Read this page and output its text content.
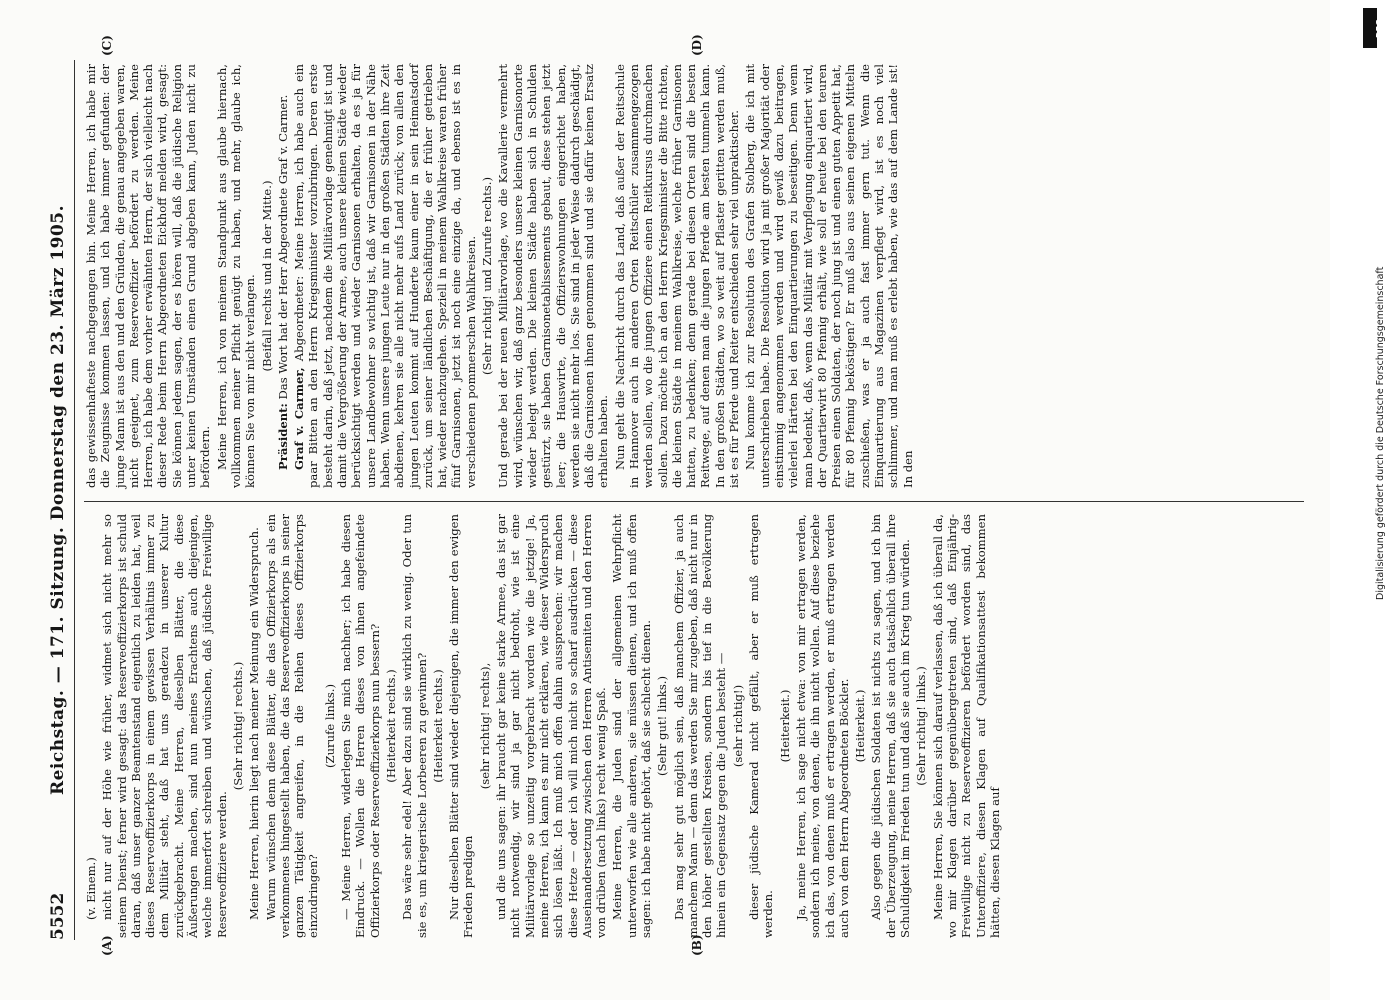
5552
Reichstag. — 171. Sitzung. Donnerstag den 23. März 1905.
(A)	(B)
(C)	(D)

(v. Einem.) nicht nur auf der Höhe wie früher, widmet sich nicht mehr so seinem Dienst; ferner wird gesagt: das Reserveoffizierkorps ist schuld daran, daß unser ganzer Beamtenstand eigentlich zu leiden hat, weil dieses Reserveoffizierkorps in einem gewissen Verhältnis immer zu dem Militär steht, daß hat uns geradezu in unserer Kultur zurückgebracht. Meine Herren, dieselben Blätter, die diese Äußerungen machen, sind nun meines Erachtens auch diejenigen, welche immerfort schreiben und wünschen, daß jüdische Freiwillige Reserveoffiziere werden.

(Sehr richtig! rechts.) Meine Herren, hierin liegt nach meiner Meinung ein Widerspruch. Warum wünschen denn diese Blätter, die das Offizierkorps als ein verkommenes hingestellt haben, die das Reserveoffizierkorps in seiner ganzen Tätigkeit angreifen, in die Reihen dieses Offizierkorps einzudringen?

(Zurufe links.) — Meine Herren, widerlegen Sie mich nachher; ich habe diesen Eindruck. — Wollen die Herren dieses von ihnen angefeindete Offizierkorps oder Reserveoffizierkorps nun bessern? (Heiterkeit rechts.) Das wäre sehr edel! Aber dazu sind sie wirklich zu wenig. Oder tun sie es, um kriegerische Lorbeeren zu gewinnen? (Heiterkeit rechts.) Nur dieselben Blätter sind wieder diejenigen, die immer den ewigen Frieden predigen

(sehr richtig! rechts), und die uns sagen: ihr braucht gar keine starke Armee, das ist gar nicht notwendig, wir sind ja gar nicht bedroht, wie ist eine Militärvorlage so unzeitig vorgebracht worden wie die jetzige! Ja, meine Herren, ich kann es mir nicht erklären, wie dieser Widerspruch sich lösen läßt. Ich muß mich offen dahin aussprechen: wir machen diese Hetze — oder ich will mich nicht so scharf ausdrücken — diese Auseinandersetzung zwischen den Herren Antisemiten und den Herren von drüben (nach links) recht wenig Spaß. Meine Herren, die Juden sind der allgemeinen Wehrpflicht unterworfen wie alle anderen, sie müssen dienen, und ich muß offen sagen: ich habe nicht gehört, daß sie schlecht dienen. (Sehr gut! links.) Das mag sehr gut möglich sein, daß manchem Offizier, ja auch manchem Mann — denn das werden Sie mir zugeben, daß nicht nur in den höher gestellten Kreisen, sondern bis tief in die Bevölkerung hinein ein Gegensatz gegen die Juden besteht — (sehr richtig!) dieser jüdische Kamerad nicht gefällt, aber er muß ertragen werden.

(Heiterkeit.) Ja, meine Herren, ich sage nicht etwa: von mir ertragen werden, sondern ich meine, von denen, die ihn nicht wollen. Auf diese beziehe ich das, von denen muß er ertragen werden, er muß ertragen werden auch von dem Herrn Abgeordneten Böckler. (Heiterkeit.) Also gegen die jüdischen Soldaten ist nichts zu sagen, und ich bin der Überzeugung, meine Herren, daß sie auch tatsächlich überall ihre Schuldigkeit im Frieden tun und daß sie auch im Krieg tun würden. (Sehr richtig! links.) Meine Herren, Sie können sich darauf verlassen, daß ich überall da, wo mir Klagen darüber gegenübergetreten sind, daß Einjährig-Freiwillige nicht zu Reserveoffizieren befördert worden sind, das Unteroffiziere, diesen Klagen auf Qualifikationsattest bekommen hätten, diesen Klagen auf

das gewissenhafteste nachgegangen bin. Meine Herren, ich habe mir die Zeugnisse kommen lassen, und ich habe immer gefunden: der junge Mann ist aus den und den Gründen, die genau angegeben waren, nicht geeignet, zum Reserveoffizier befördert zu werden. Meine Herren, ich habe dem vorher erwähnten Herrn, der sich vielleicht nach dieser Rede beim Herrn Abgeordneten Eickhoff melden wird, gesagt: Sie können jedem sagen, der es hören will, daß die jüdische Religion unter keinen Umständen einen Grund abgeben kann, Juden nicht zu befördern. Meine Herren, ich von meinem Standpunkt aus glaube hiernach, vollkommen meiner Pflicht genügt zu haben, und mehr, glaube ich, können Sie von mir nicht verlangen. (Beifall rechts und in der Mitte.)

Präsident: Das Wort hat der Herr Abgeordnete Graf v. Carmer.

Graf v. Carmer, Abgeordneter: Meine Herren, ich habe auch ein paar Bitten an den Herrn Kriegsminister vorzubringen. Deren erste besteht darin, daß jetzt, nachdem die Militärvorlage genehmigt ist und damit die Vergrößerung der Armee, auch unsere kleinen Städte wieder berücksichtigt werden und wieder Garnisonen erhalten, da es ja für unsere Landbewohner so wichtig ist, daß wir Garnisonen in der Nähe haben. Wenn unsere jungen Leute nur in den großen Städten ihre Zeit abdienen, kehren sie alle nicht mehr aufs Land zurück; von allen den jungen Leuten kommt auf Hunderte kaum einer in sein Heimatsdorf zurück, um seiner ländlichen Beschäftigung, die er früher getrieben hat, wieder nachzugehen. Speziell in meinem Wahlkreise waren früher fünf Garnisonen, jetzt ist noch eine einzige da, und ebenso ist es in verschiedenen pommerschen Wahlkreisen. (Sehr richtig! und Zurufe rechts.) Und gerade bei der neuen Militärvorlage, wo die Kavallerie vermehrt wird, wünschen wir, daß ganz besonders unsere kleinen Garnisonorte wieder belegt werden. Die kleinen Städte haben sich in Schulden gestürzt, sie haben Garnisonetablissements gebaut, diese stehen jetzt leer; die Hauswirte, die Offizierswohnungen eingerichtet haben, werden sie nicht mehr los. Sie sind in jeder Weise dadurch geschädigt, daß die Garnisonen ihnen genommen sind und sie dafür keinen Ersatz erhalten haben. Nun geht die Nachricht durch das Land, daß außer der Reitschule in Hannover auch in anderen Orten Reitschüler zusammengezogen werden sollen, wo die jungen Offiziere einen Reitkursus durchmachen sollen. Dazu möchte ich an den Herrn Kriegsminister die Bitte richten, die kleinen Städte in meinem Wahlkreise, welche früher Garnisonen hatten, zu bedenken; denn gerade bei diesen Orten sind die besten Reitwege, auf denen man die jungen Pferde am besten tummeln kann. In den großen Städten, wo so weit auf Pflaster geritten werden muß, ist es für Pferde und Reiter entschieden sehr viel unpraktischer. Nun komme ich zur Resolution des Grafen Stolberg, die ich mit unterschrieben habe. Die Resolution wird ja mit großer Majorität oder einstimmig angenommen werden und wird gewiß dazu beitragen, vielerlei Härten bei den Einquartierungen zu beseitigen. Denn wenn man bedenkt, daß, wenn das Militär mit Verpflegung einquartiert wird, der Quartierwirt 80 Pfennig erhält, wie soll er heute bei den teuren Preisen einen Soldaten, der noch jung ist und einen guten Appetit hat, für 80 Pfennig beköstigen? Er muß also aus seinen eigenen Mitteln zuschießen, was er ja auch fast immer gern tut. Wenn die Einquartierung aus Magazinen verpflegt wird, ist es noch viel schlimmer, und man muß es erlebt haben, wie das auf dem Lande ist! In den

DFG
Digitalisierung gefördert durch die Deutsche Forschungsgemeinschaft
